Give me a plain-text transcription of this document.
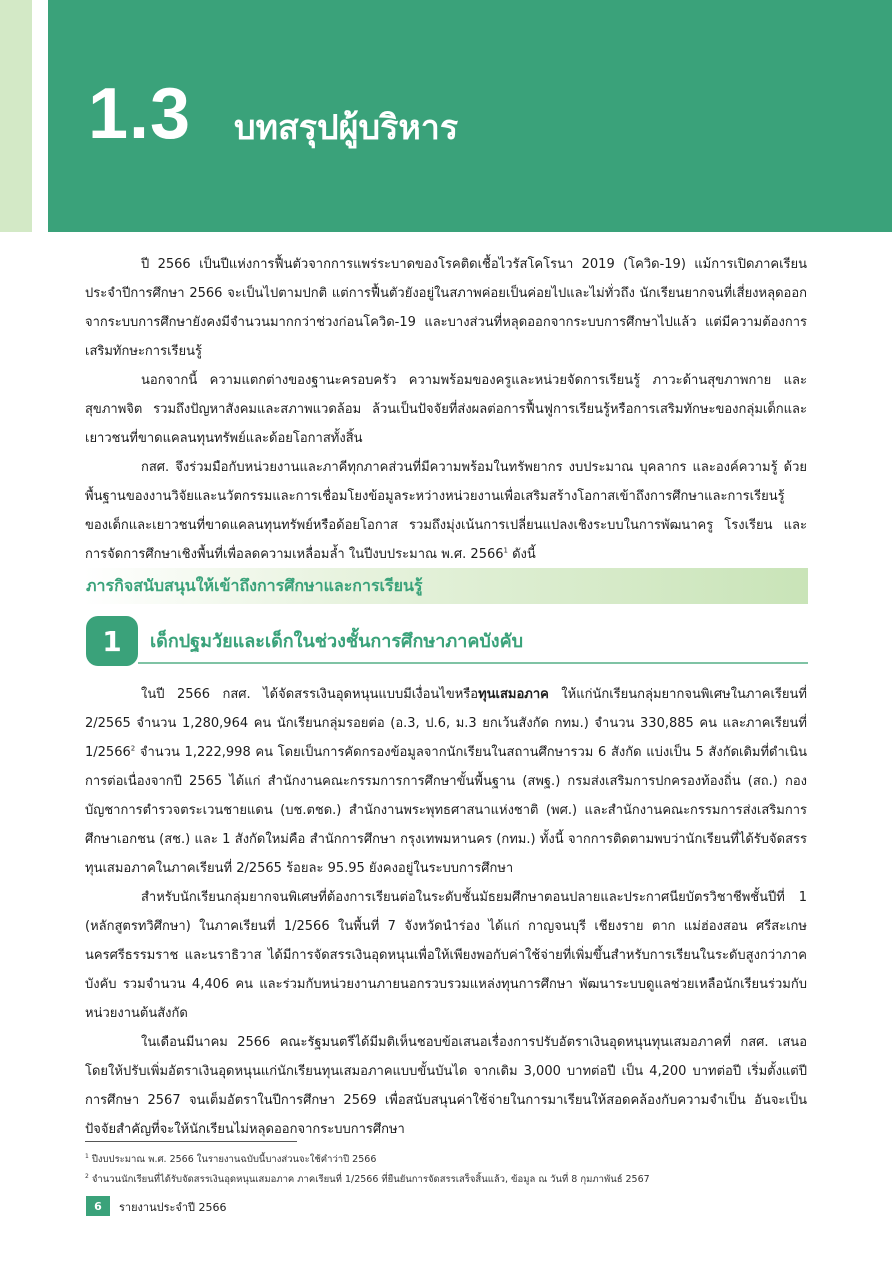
1.3 บทสรุปผู้บริหาร

ปี 2566 เป็นปีแห่งการฟื้นตัวจากการแพร่ระบาดของโรคติดเชื้อไวรัสโคโรนา 2019 (โควิด-19) แม้การเปิดภาคเรียนประจำปีการศึกษา 2566 จะเป็นไปตามปกติ แต่การฟื้นตัวยังอยู่ในสภาพค่อยเป็นค่อยไปและไม่ทั่วถึง นักเรียนยากจนที่เสี่ยงหลุดออกจากระบบการศึกษายังคงมีจำนวนมากกว่าช่วงก่อนโควิด-19 และบางส่วนที่หลุดออกจากระบบการศึกษาไปแล้ว แต่มีความต้องการเสริมทักษะการเรียนรู้

นอกจากนี้ ความแตกต่างของฐานะครอบครัว ความพร้อมของครูและหน่วยจัดการเรียนรู้ ภาวะด้านสุขภาพกาย และสุขภาพจิต รวมถึงปัญหาสังคมและสภาพแวดล้อม ล้วนเป็นปัจจัยที่ส่งผลต่อการฟื้นฟูการเรียนรู้หรือการเสริมทักษะของกลุ่มเด็กและเยาวชนที่ขาดแคลนทุนทรัพย์และด้อยโอกาสทั้งสิ้น

กสศ. จึงร่วมมือกับหน่วยงานและภาคีทุกภาคส่วนที่มีความพร้อมในทรัพยากร งบประมาณ บุคลากร และองค์ความรู้ ด้วยพื้นฐานของงานวิจัยและนวัตกรรมและการเชื่อมโยงข้อมูลระหว่างหน่วยงานเพื่อเสริมสร้างโอกาสเข้าถึงการศึกษาและการเรียนรู้ของเด็กและเยาวชนที่ขาดแคลนทุนทรัพย์หรือด้อยโอกาส รวมถึงมุ่งเน้นการเปลี่ยนแปลงเชิงระบบในการพัฒนาครู โรงเรียน และการจัดการศึกษาเชิงพื้นที่เพื่อลดความเหลื่อมล้ำ ในปีงบประมาณ พ.ศ. 2566$^1$ ดังนี้

ภารกิจสนับสนุนให้เข้าถึงการศึกษาและการเรียนรู้
1	เด็กปฐมวัยและเด็กในช่วงชั้นการศึกษาภาคบังคับ

ในปี 2566 กสศ. ได้จัดสรรเงินอุดหนุนแบบมีเงื่อนไขหรือทุนเสมอภาค ให้แก่นักเรียนกลุ่มยากจนพิเศษในภาคเรียนที่ 2/2565 จำนวน 1,280,964 คน นักเรียนกลุ่มรอยต่อ (อ.3, ป.6, ม.3 ยกเว้นสังกัด กทม.) จำนวน 330,885 คน และภาคเรียนที่ 1/2566$^2$ จำนวน 1,222,998 คน โดยเป็นการคัดกรองข้อมูลจากนักเรียนในสถานศึกษารวม 6 สังกัด แบ่งเป็น 5 สังกัดเดิมที่ดำเนินการต่อเนื่องจากปี 2565 ได้แก่ สำนักงานคณะกรรมการการศึกษาขั้นพื้นฐาน (สพฐ.) กรมส่งเสริมการปกครองท้องถิ่น (สถ.) กองบัญชาการตำรวจตระเวนชายแดน (บช.ตชด.) สำนักงานพระพุทธศาสนาแห่งชาติ (พศ.) และสำนักงานคณะกรรมการส่งเสริมการศึกษาเอกชน (สช.) และ 1 สังกัดใหม่คือ สำนักการศึกษา กรุงเทพมหานคร (กทม.) ทั้งนี้ จากการติดตามพบว่านักเรียนที่ได้รับจัดสรรทุนเสมอภาคในภาคเรียนที่ 2/2565 ร้อยละ 95.95 ยังคงอยู่ในระบบการศึกษา

สำหรับนักเรียนกลุ่มยากจนพิเศษที่ต้องการเรียนต่อในระดับชั้นมัธยมศึกษาตอนปลายและประกาศนียบัตรวิชาชีพชั้นปีที่ 1 (หลักสูตรทวิศึกษา) ในภาคเรียนที่ 1/2566 ในพื้นที่ 7 จังหวัดนำร่อง ได้แก่ กาญจนบุรี เชียงราย ตาก แม่ฮ่องสอน ศรีสะเกษ นครศรีธรรมราช และนราธิวาส ได้มีการจัดสรรเงินอุดหนุนเพื่อให้เพียงพอกับค่าใช้จ่ายที่เพิ่มขึ้นสำหรับการเรียนในระดับสูงกว่าภาคบังคับ รวมจำนวน 4,406 คน และร่วมกับหน่วยงานภายนอกรวบรวมแหล่งทุนการศึกษา พัฒนาระบบดูแลช่วยเหลือนักเรียนร่วมกับหน่วยงานต้นสังกัด

ในเดือนมีนาคม 2566 คณะรัฐมนตรีได้มีมติเห็นชอบข้อเสนอเรื่องการปรับอัตราเงินอุดหนุนทุนเสมอภาคที่ กสศ. เสนอ โดยให้ปรับเพิ่มอัตราเงินอุดหนุนแก่นักเรียนทุนเสมอภาคแบบขั้นบันได จากเดิม 3,000 บาทต่อปี เป็น 4,200 บาทต่อปี เริ่มตั้งแต่ปีการศึกษา 2567 จนเต็มอัตราในปีการศึกษา 2569 เพื่อสนับสนุนค่าใช้จ่ายในการมาเรียนให้สอดคล้องกับความจำเป็น อันจะเป็นปัจจัยสำคัญที่จะให้นักเรียนไม่หลุดออกจากระบบการศึกษา

$^1$ ปีงบประมาณ พ.ศ. 2566 ในรายงานฉบับนี้บางส่วนจะใช้คำว่าปี 2566

$^2$ จำนวนนักเรียนที่ได้รับจัดสรรเงินอุดหนุนเสมอภาค ภาคเรียนที่ 1/2566 ที่ยืนยันการจัดสรรเสร็จสิ้นแล้ว, ข้อมูล ณ วันที่ 8 กุมภาพันธ์ 2567

6	รายงานประจำปี 2566
